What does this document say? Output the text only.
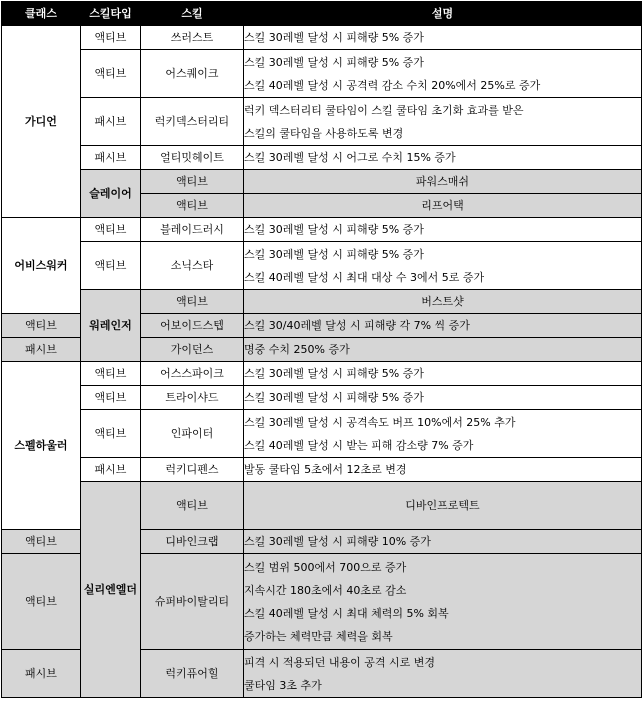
클래스	스킬타입	스킬	설명	
가디언	액티브	쓰러스트	스킬 30레벨 달성 시 피해량 5% 증가	

	액티브	어스퀘이크	스킬 30레벨 달성 시 피해량 5% 증가
스킬 40레벨 달성 시 공격력 감소 수치 20%에서 25%로 증가	

	패시브	럭키덱스터리티	럭키 덱스터리티 쿨타임이 스킬 쿨타임 초기화 효과를 받은
스킬의 쿨타임을 사용하도록 변경	

	패시브	얼티밋헤이트	스킬 30레벨 달성 시 어그로 수치 15% 증가	

	슬레이어	액티브	파워스매쉬	

		액티브	리프어택	

어비스워커	액티브	블레이드러시	스킬 30레벨 달성 시 피해량 5% 증가	

	액티브	소닉스타	스킬 30레벨 달성 시 피해량 5% 증가
스킬 40레벨 달성 시 최대 대상 수 3에서 5로 증가	

	워레인저	액티브	버스트샷	

액티브		어보이드스텝	스킬 30/40레벨 달성 시 피해량 각 7% 씩 증가	

패시브		가이던스	명중 수치 250% 증가	

스펠하울러	액티브	어스스파이크	스킬 30레벨 달성 시 피해량 5% 증가	

	액티브	트라이샤드	스킬 30레벨 달성 시 피해량 5% 증가	

	액티브	인파이터	스킬 30레벨 달성 시 공격속도 버프 10%에서 25% 추가
스킬 40레벨 달성 시 받는 피해 감소량 7% 증가	

	패시브	럭키디펜스	발동 쿨타임 5초에서 12초로 변경	

	실리엔엘더	액티브	디바인프로텍트	

액티브		디바인크랩	스킬 30레벨 달성 시 피해량 10% 증가	

액티브		슈퍼바이탈리티	스킬 범위 500에서 700으로 증가
지속시간 180초에서 40초로 감소
스킬 40레벨 달성 시 최대 체력의 5% 회복
증가하는 체력만큼 체력을 회복	

패시브		럭키퓨어힐	피격 시 적용되던 내용이 공격 시로 변경
쿨타임 3초 추가	
